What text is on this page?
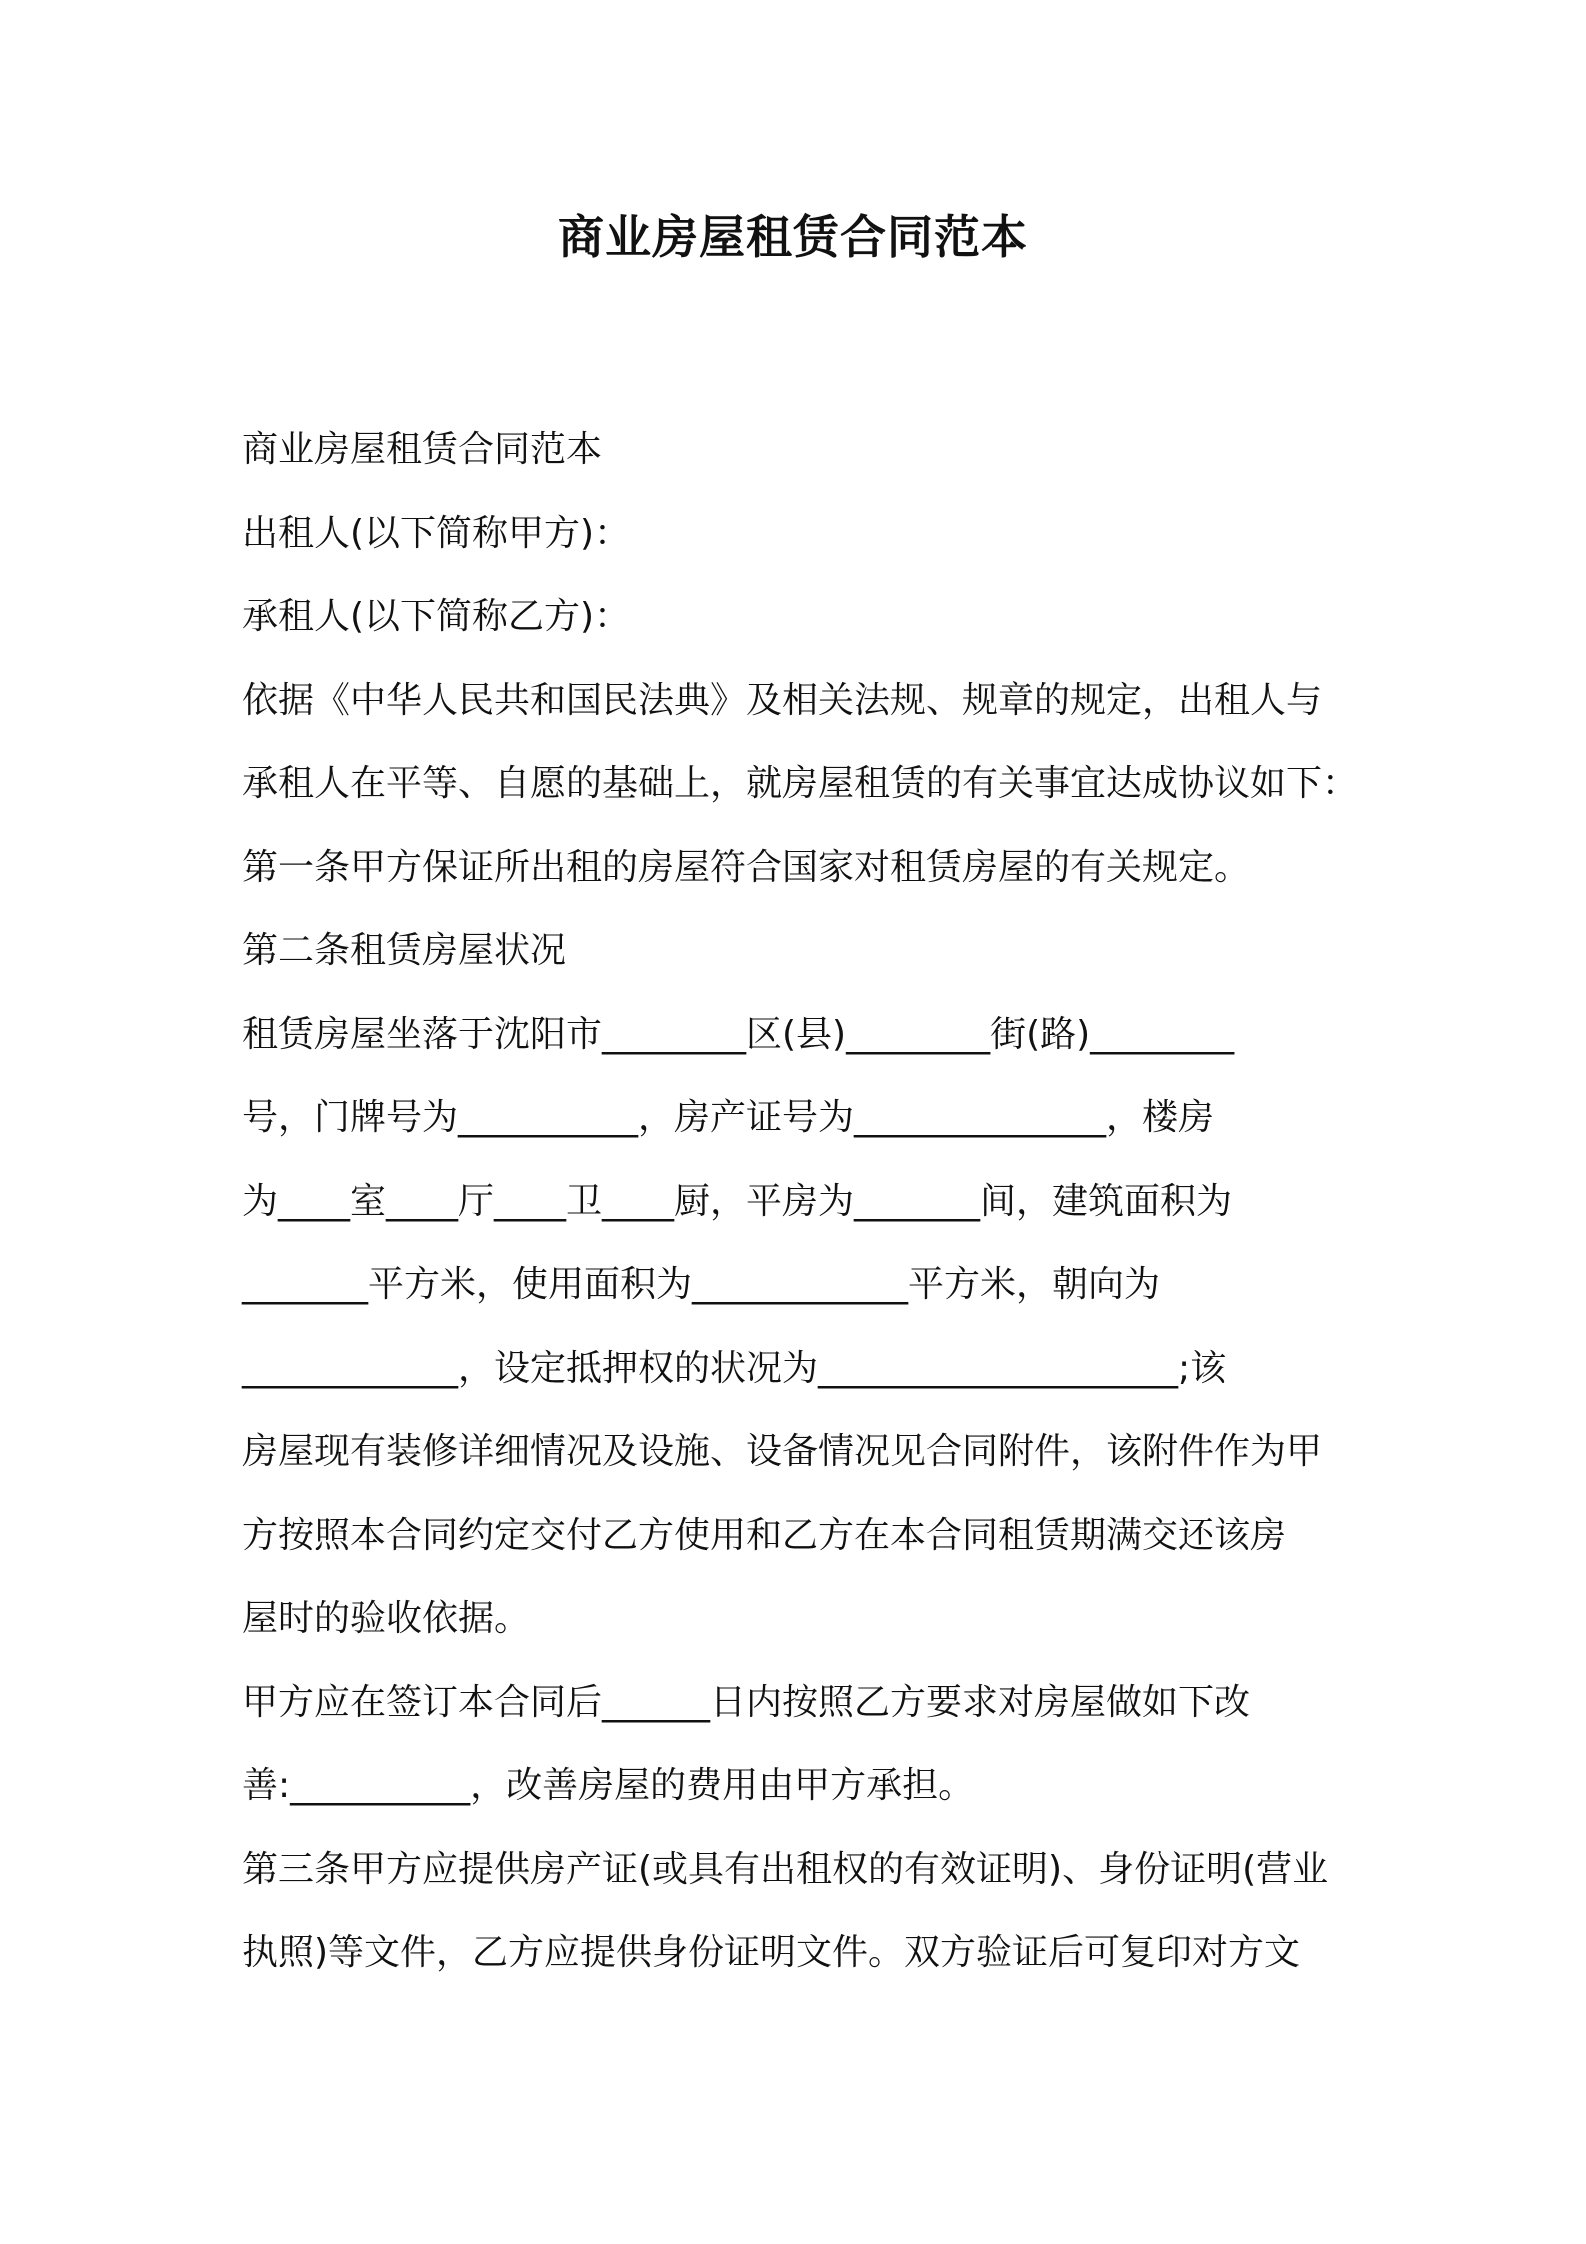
商业房屋租赁合同范本

商业房屋租赁合同范本

出租人(以下简称甲方)：

承租人(以下简称乙方)：

依据《中华人民共和国民法典》及相关法规、规章的规定，出租人与

承租人在平等、自愿的基础上，就房屋租赁的有关事宜达成协议如下：

第一条甲方保证所出租的房屋符合国家对租赁房屋的有关规定。

第二条租赁房屋状况

租赁房屋坐落于沈阳市________区(县)________街(路)________

号，门牌号为__________，房产证号为______________，楼房

为____室____厅____卫____厨，平房为_______间，建筑面积为

_______平方米，使用面积为____________平方米，朝向为

____________，设定抵押权的状况为____________________;该

房屋现有装修详细情况及设施、设备情况见合同附件，该附件作为甲

方按照本合同约定交付乙方使用和乙方在本合同租赁期满交还该房

屋时的验收依据。

甲方应在签订本合同后______日内按照乙方要求对房屋做如下改

善:__________，改善房屋的费用由甲方承担。

第三条甲方应提供房产证(或具有出租权的有效证明)、身份证明(营业

执照)等文件，乙方应提供身份证明文件。双方验证后可复印对方文
